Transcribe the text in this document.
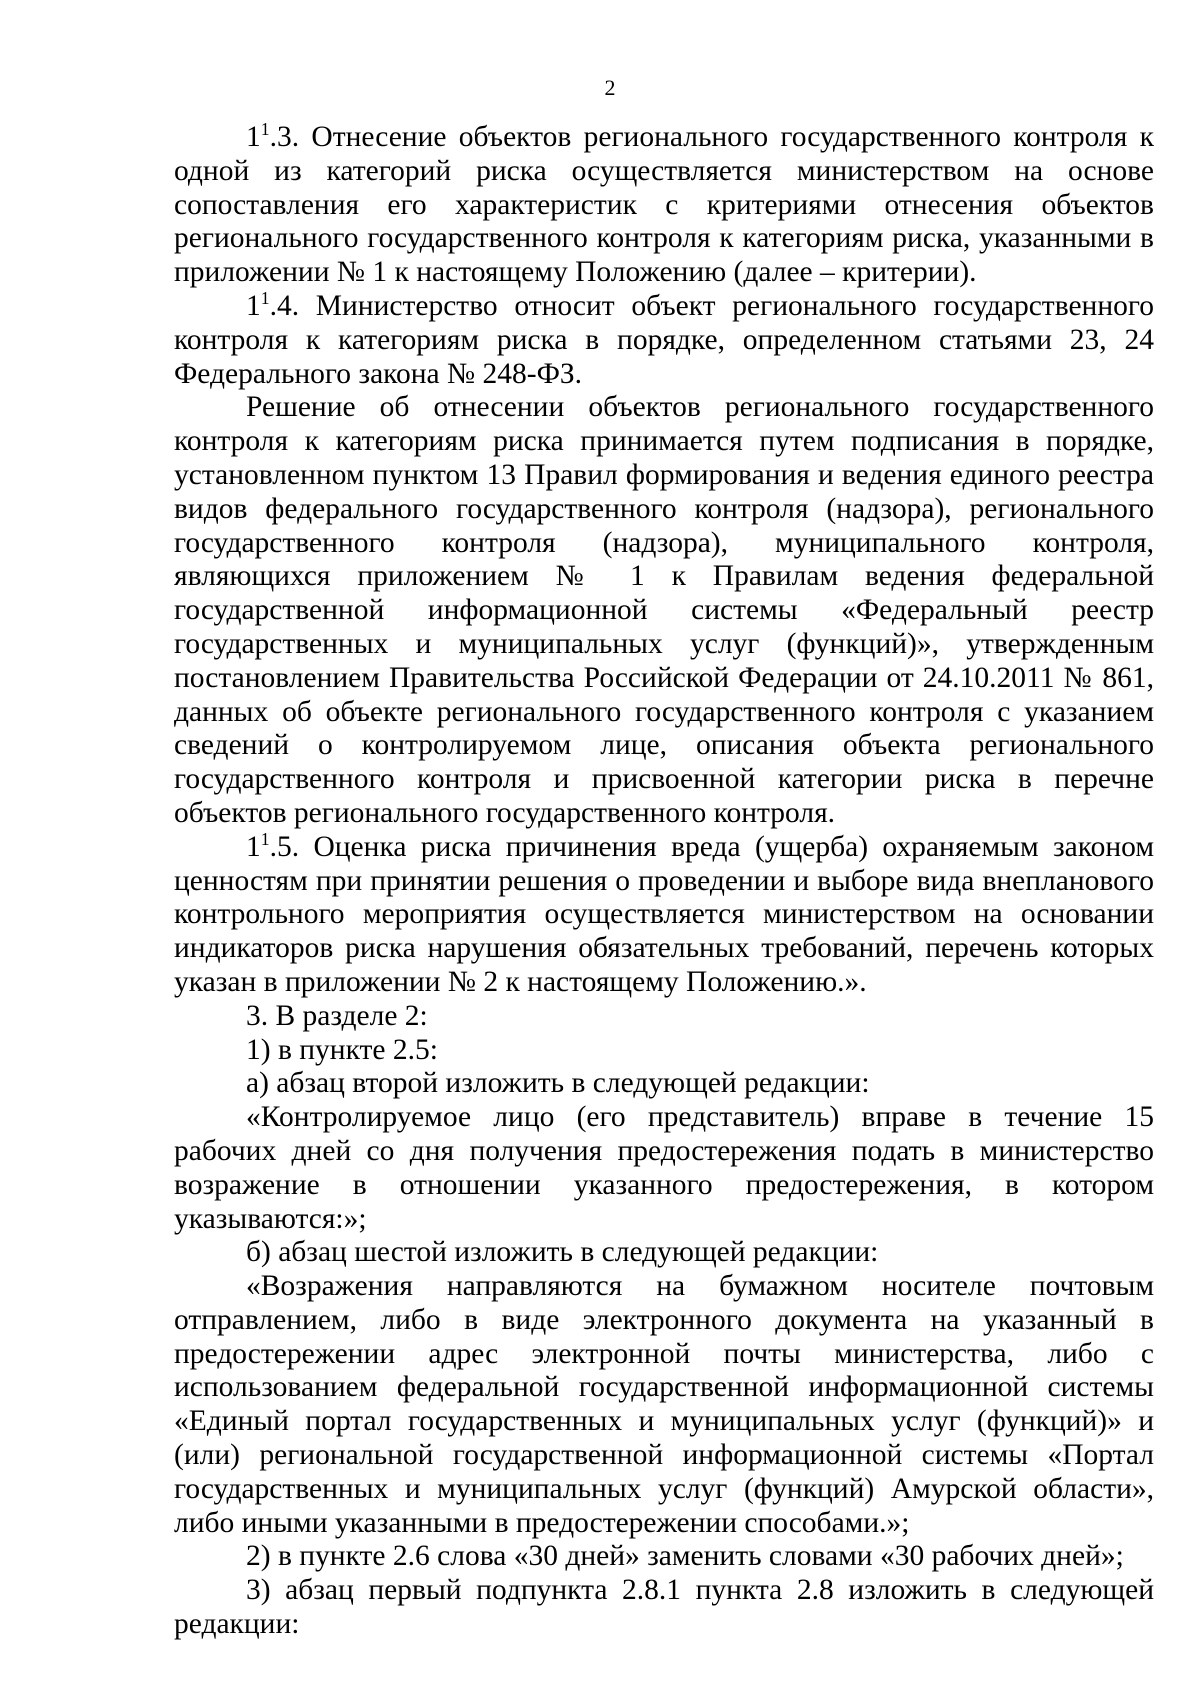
2

$1^1.3$. Отнесение объектов регионального государственного контроля к одной из категорий риска осуществляется министерством на основе сопоставления его характеристик с критериями отнесения объектов регионального государственного контроля к категориям риска, указанными в приложении № 1 к настоящему Положению (далее – критерии).

$1^1.4$. Министерство относит объект регионального государственного контроля к категориям риска в порядке, определенном статьями 23, 24 Федерального закона № 248-ФЗ.

Решение об отнесении объектов регионального государственного контроля к категориям риска принимается путем подписания в порядке, установленном пунктом 13 Правил формирования и ведения единого реестра видов федерального государственного контроля (надзора), регионального государственного контроля (надзора), муниципального контроля, являющихся приложением № 1 к Правилам ведения федеральной государственной информационной системы «Федеральный реестр государственных и муниципальных услуг (функций)», утвержденным постановлением Правительства Российской Федерации от 24.10.2011 № 861, данных об объекте регионального государственного контроля с указанием сведений о контролируемом лице, описания объекта регионального государственного контроля и присвоенной категории риска в перечне объектов регионального государственного контроля.

$1^1.5$. Оценка риска причинения вреда (ущерба) охраняемым законом ценностям при принятии решения о проведении и выборе вида внепланового контрольного мероприятия осуществляется министерством на основании индикаторов риска нарушения обязательных требований, перечень которых указан в приложении № 2 к настоящему Положению.».

3. В разделе 2:

1) в пункте 2.5:

а) абзац второй изложить в следующей редакции:

«Контролируемое лицо (его представитель) вправе в течение 15 рабочих дней со дня получения предостережения подать в министерство возражение в отношении указанного предостережения, в котором указываются:»;

б) абзац шестой изложить в следующей редакции:

«Возражения направляются на бумажном носителе почтовым отправлением, либо в виде электронного документа на указанный в предостережении адрес электронной почты министерства, либо с использованием федеральной государственной информационной системы «Единый портал государственных и муниципальных услуг (функций)» и (или) региональной государственной информационной системы «Портал государственных и муниципальных услуг (функций) Амурской области», либо иными указанными в предостережении способами.»;

2) в пункте 2.6 слова «30 дней» заменить словами «30 рабочих дней»;

3) абзац первый подпункта 2.8.1 пункта 2.8 изложить в следующей редакции:
